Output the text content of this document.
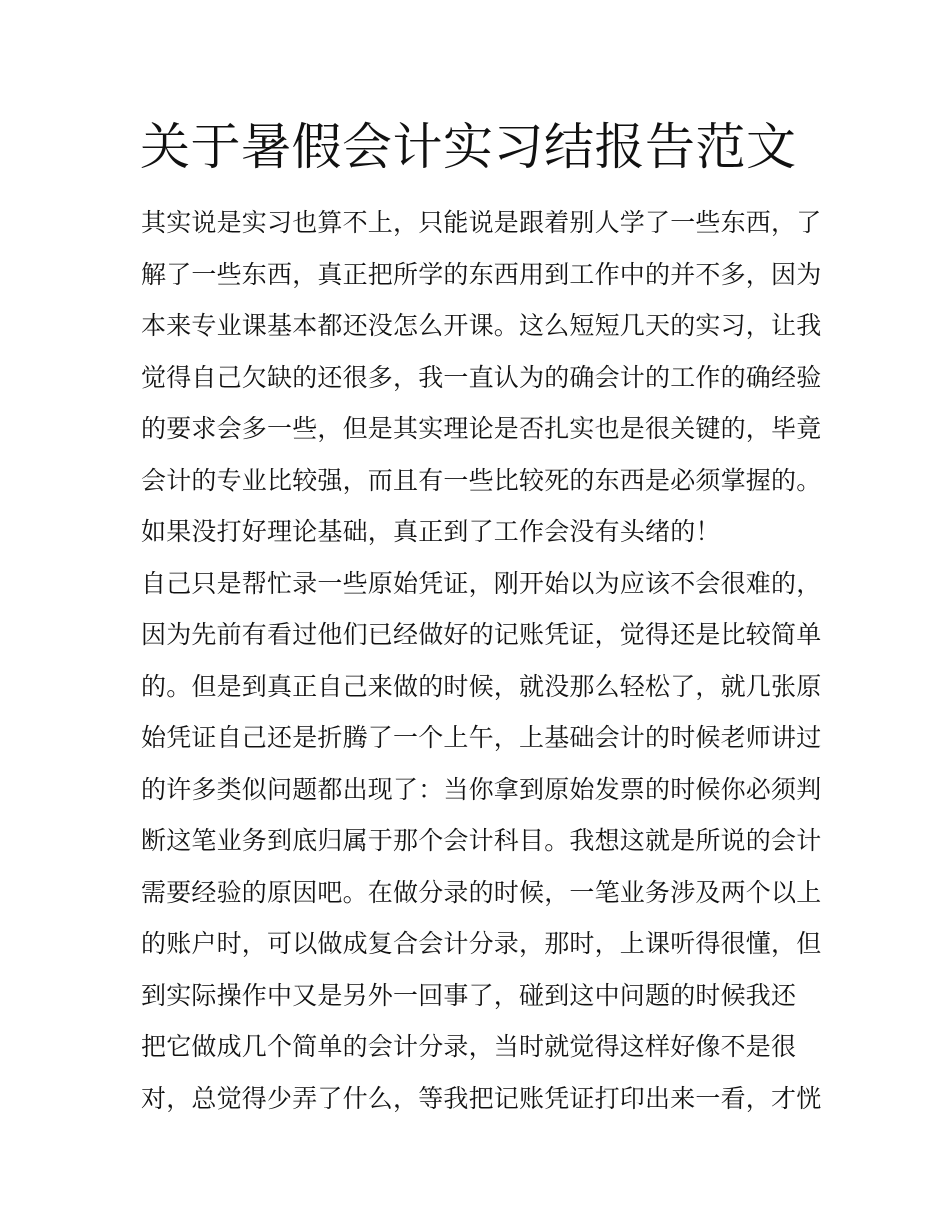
关于暑假会计实习结报告范文
其实说是实习也算不上，只能说是跟着别人学了一些东西，了
解了一些东西，真正把所学的东西用到工作中的并不多，因为
本来专业课基本都还没怎么开课。这么短短几天的实习，让我
觉得自己欠缺的还很多，我一直认为的确会计的工作的确经验
的要求会多一些，但是其实理论是否扎实也是很关键的，毕竟
会计的专业比较强，而且有一些比较死的东西是必须掌握的。
如果没打好理论基础，真正到了工作会没有头绪的！
自己只是帮忙录一些原始凭证，刚开始以为应该不会很难的，
因为先前有看过他们已经做好的记账凭证，觉得还是比较简单
的。但是到真正自己来做的时候，就没那么轻松了，就几张原
始凭证自己还是折腾了一个上午，上基础会计的时候老师讲过
的许多类似问题都出现了：当你拿到原始发票的时候你必须判
断这笔业务到底归属于那个会计科目。我想这就是所说的会计
需要经验的原因吧。在做分录的时候，一笔业务涉及两个以上
的账户时，可以做成复合会计分录，那时，上课听得很懂，但
到实际操作中又是另外一回事了，碰到这中问题的时候我还
把它做成几个简单的会计分录，当时就觉得这样好像不是很
对，总觉得少弄了什么，等我把记账凭证打印出来一看，才恍
